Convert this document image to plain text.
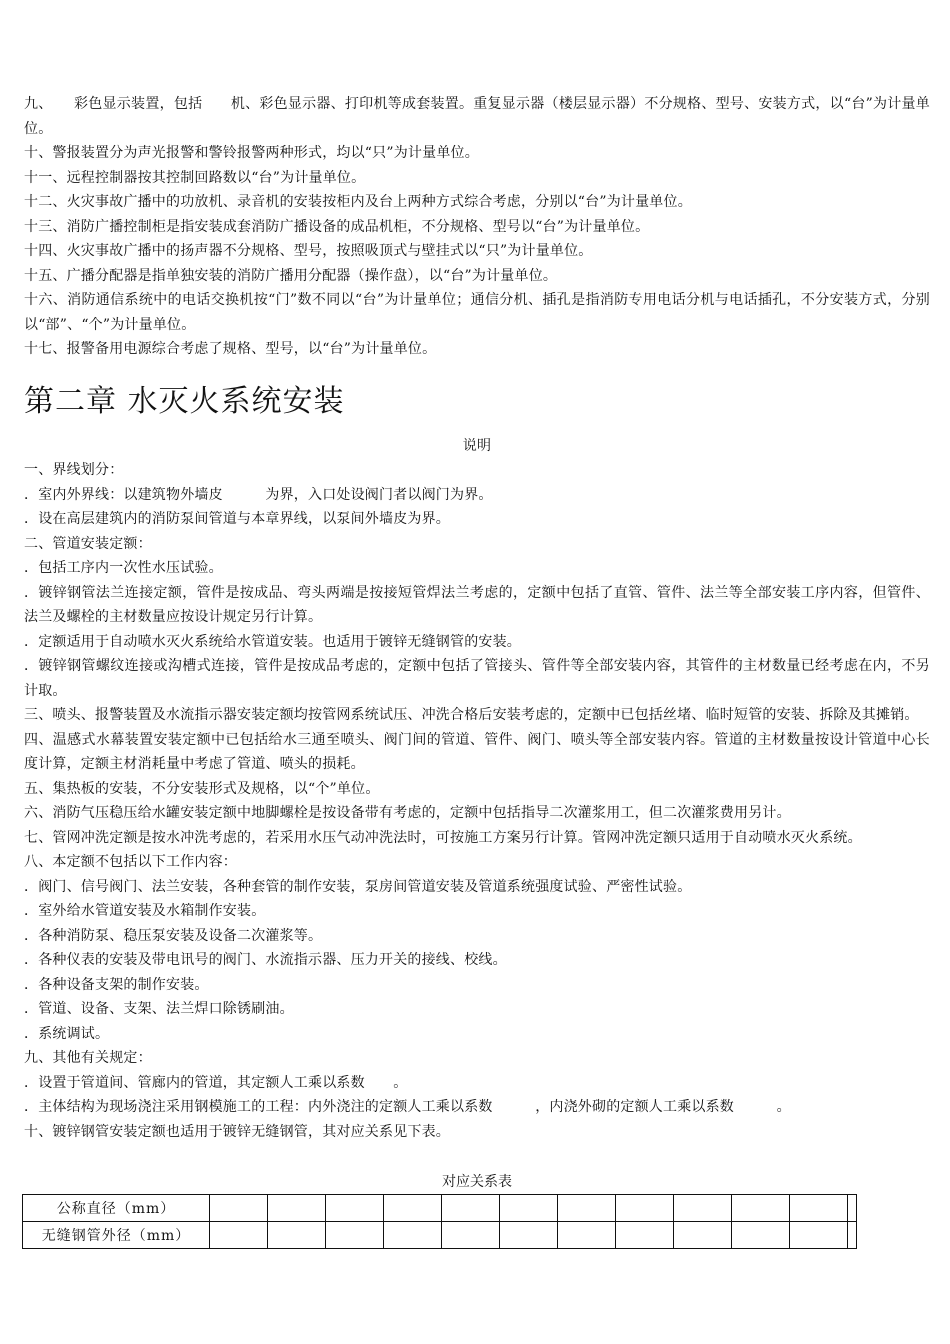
九、　　彩色显示装置，包括　　机、彩色显示器、打印机等成套装置。重复显示器（楼层显示器）不分规格、型号、安装方式，以“台”为计量单位。
十、警报装置分为声光报警和警铃报警两种形式，均以“只”为计量单位。
十一、远程控制器按其控制回路数以“台”为计量单位。
十二、火灾事故广播中的功放机、录音机的安装按柜内及台上两种方式综合考虑，分别以“台”为计量单位。
十三、消防广播控制柜是指安装成套消防广播设备的成品机柜，不分规格、型号以“台”为计量单位。
十四、火灾事故广播中的扬声器不分规格、型号，按照吸顶式与壁挂式以“只”为计量单位。
十五、广播分配器是指单独安装的消防广播用分配器（操作盘），以“台”为计量单位。
十六、消防通信系统中的电话交换机按“门”数不同以“台”为计量单位；通信分机、插孔是指消防专用电话分机与电话插孔，不分安装方式，分别以“部”、“个”为计量单位。
十七、报警备用电源综合考虑了规格、型号，以“台”为计量单位。
第二章 水灭火系统安装
说明
一、界线划分：
．室内外界线：以建筑物外墙皮　　　为界，入口处设阀门者以阀门为界。
．设在高层建筑内的消防泵间管道与本章界线，以泵间外墙皮为界。
二、管道安装定额：
．包括工序内一次性水压试验。
．镀锌钢管法兰连接定额，管件是按成品、弯头两端是按接短管焊法兰考虑的，定额中包括了直管、管件、法兰等全部安装工序内容，但管件、法兰及螺栓的主材数量应按设计规定另行计算。
．定额适用于自动喷水灭火系统给水管道安装。也适用于镀锌无缝钢管的安装。
．镀锌钢管螺纹连接或沟槽式连接，管件是按成品考虑的，定额中包括了管接头、管件等全部安装内容，其管件的主材数量已经考虑在内，不另计取。
三、喷头、报警装置及水流指示器安装定额均按管网系统试压、冲洗合格后安装考虑的，定额中已包括丝堵、临时短管的安装、拆除及其摊销。
四、温感式水幕装置安装定额中已包括给水三通至喷头、阀门间的管道、管件、阀门、喷头等全部安装内容。管道的主材数量按设计管道中心长度计算，定额主材消耗量中考虑了管道、喷头的损耗。
五、集热板的安装，不分安装形式及规格，以“个”单位。
六、消防气压稳压给水罐安装定额中地脚螺栓是按设备带有考虑的，定额中包括指导二次灌浆用工，但二次灌浆费用另计。
七、管网冲洗定额是按水冲洗考虑的，若采用水压气动冲洗法时，可按施工方案另行计算。管网冲洗定额只适用于自动喷水灭火系统。
八、本定额不包括以下工作内容：
．阀门、信号阀门、法兰安装，各种套管的制作安装，泵房间管道安装及管道系统强度试验、严密性试验。
．室外给水管道安装及水箱制作安装。
．各种消防泵、稳压泵安装及设备二次灌浆等。
．各种仪表的安装及带电讯号的阀门、水流指示器、压力开关的接线、校线。
．各种设备支架的制作安装。
．管道、设备、支架、法兰焊口除锈刷油。
．系统调试。
九、其他有关规定：
．设置于管道间、管廊内的管道，其定额人工乘以系数　　。
．主体结构为现场浇注采用钢模施工的工程：内外浇注的定额人工乘以系数　　　，内浇外砌的定额人工乘以系数　　　。
十、镀锌钢管安装定额也适用于镀锌无缝钢管，其对应关系见下表。
对应关系表
公称直径（mm）												
无缝钢管外径（mm）												
